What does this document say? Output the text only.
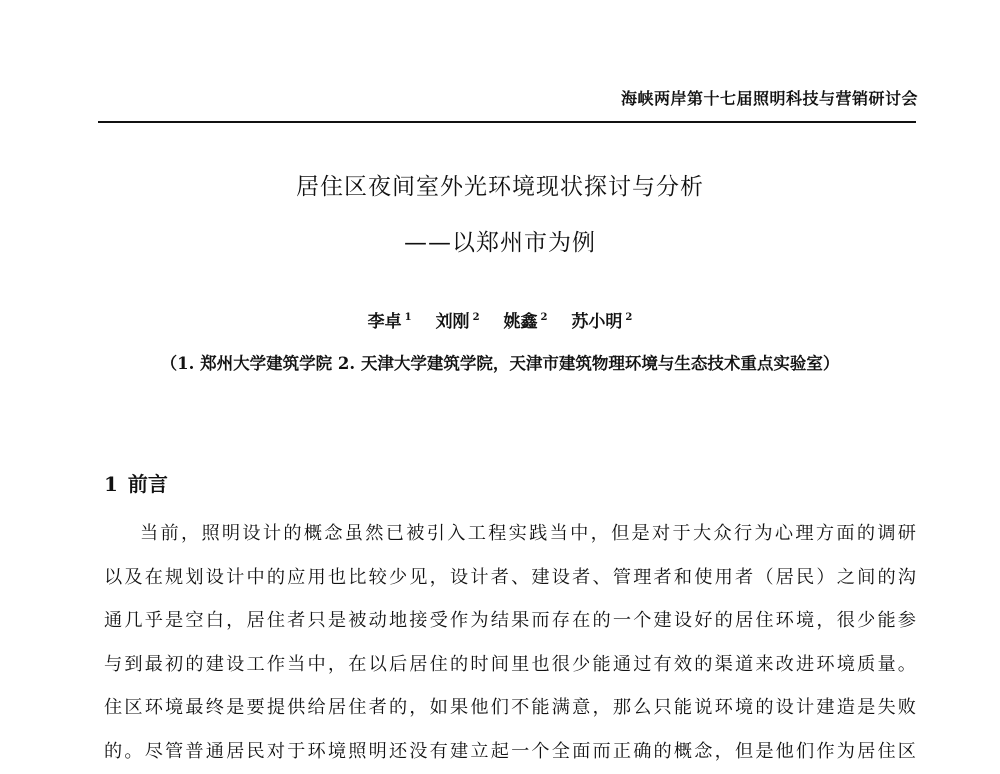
海峡两岸第十七届照明科技与营销研讨会
居住区夜间室外光环境现状探讨与分析
——以郑州市为例
李卓 $^1$ 刘刚 $^2$ 姚鑫 $^2$ 苏小明 $^2$
（1. 郑州大学建筑学院 2. 天津大学建筑学院，天津市建筑物理环境与生态技术重点实验室）
1 前言
当前，照明设计的概念虽然已被引入工程实践当中，但是对于大众行为心理方面的调研
以及在规划设计中的应用也比较少见，设计者、建设者、管理者和使用者（居民）之间的沟
通几乎是空白，居住者只是被动地接受作为结果而存在的一个建设好的居住环境，很少能参
与到最初的建设工作当中，在以后居住的时间里也很少能通过有效的渠道来改进环境质量。
住区环境最终是要提供给居住者的，如果他们不能满意，那么只能说环境的设计建造是失败
的。尽管普通居民对于环境照明还没有建立起一个全面而正确的概念，但是他们作为居住区
